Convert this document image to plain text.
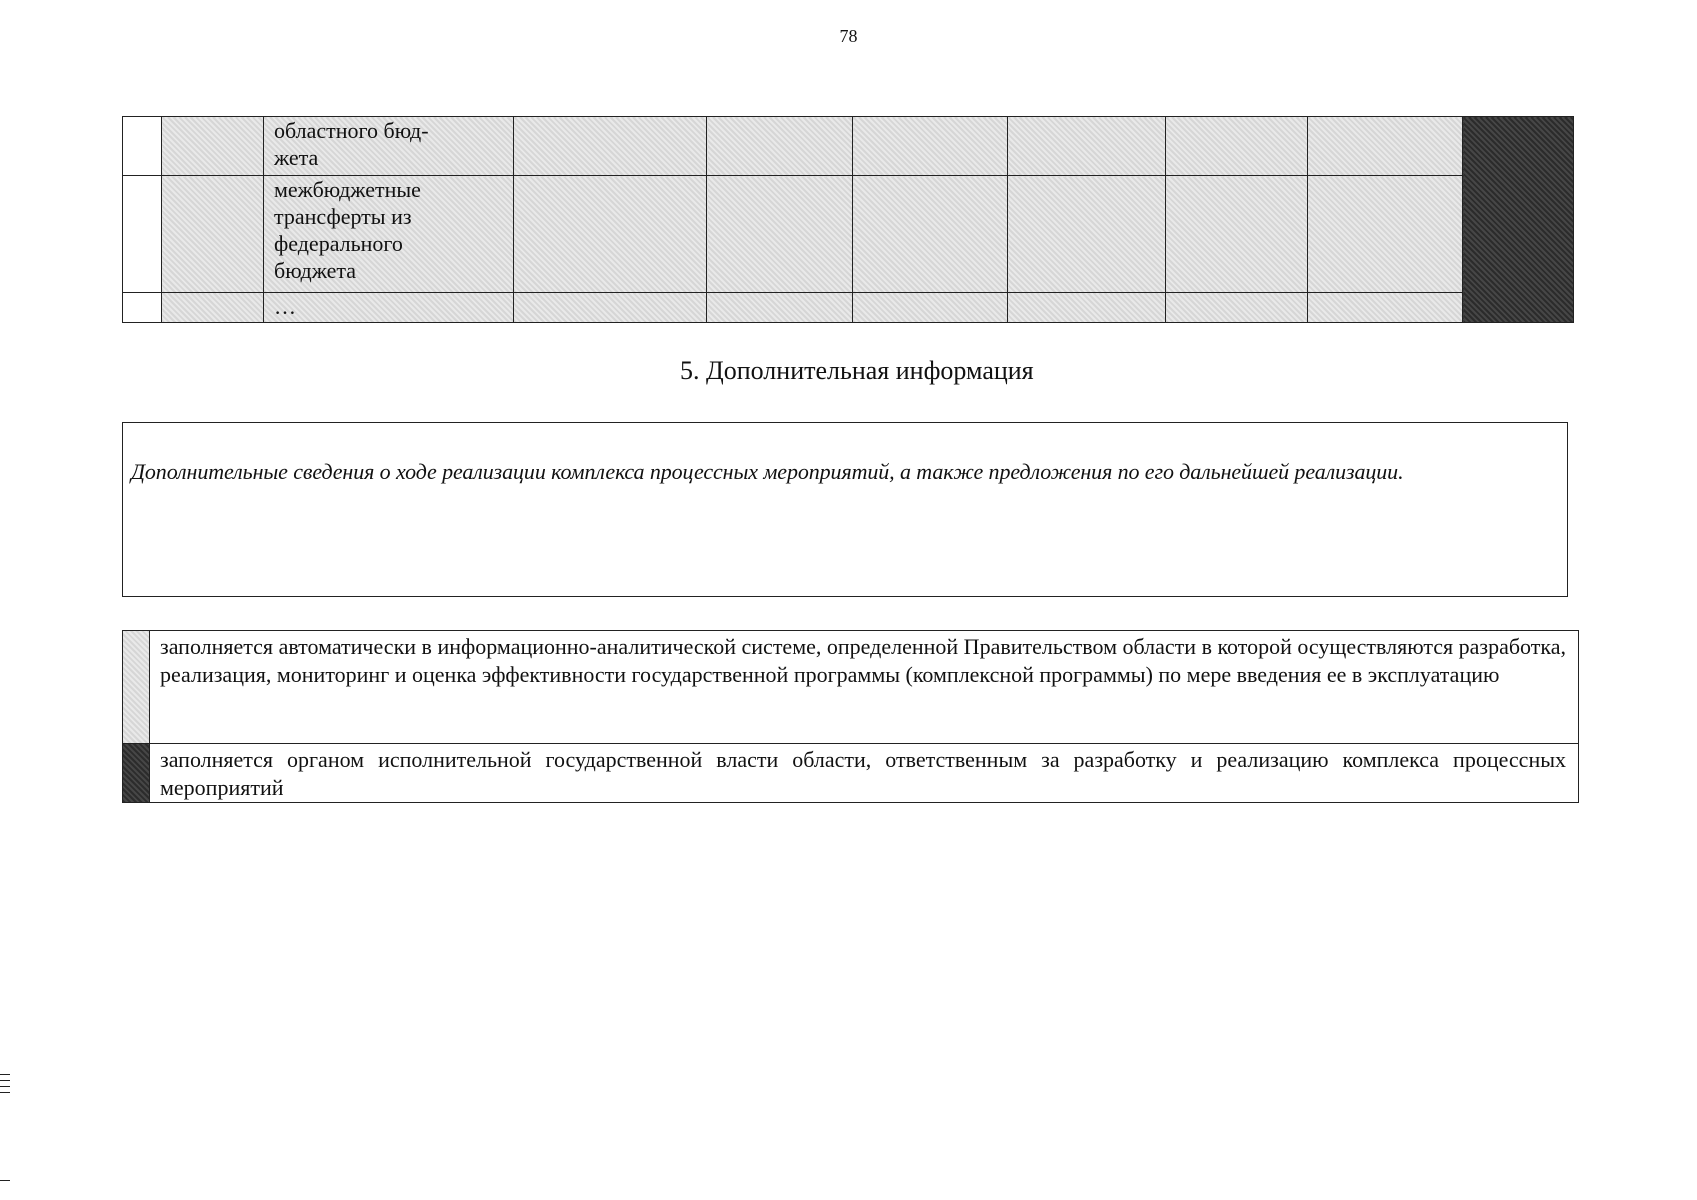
78

		областного бюд-
жета							

		межбюджетные
трансферты из
федерального
бюджета							

		…							

5. Дополнительная информация
Дополнительные сведения о ходе реализации комплекса процессных мероприятий, а также предложения по его дальнейшей реализации.
заполняется автоматически в информационно-аналитической системе, определенной Правительством области в которой осуществляются разработка, реализация, мониторинг и оценка эффективности государственной программы (комплексной программы) по мере введения ее в эксплуатацию
заполняется органом исполнительной государственной власти области, ответственным за разработку и реализацию комплекса процессных мероприятий
